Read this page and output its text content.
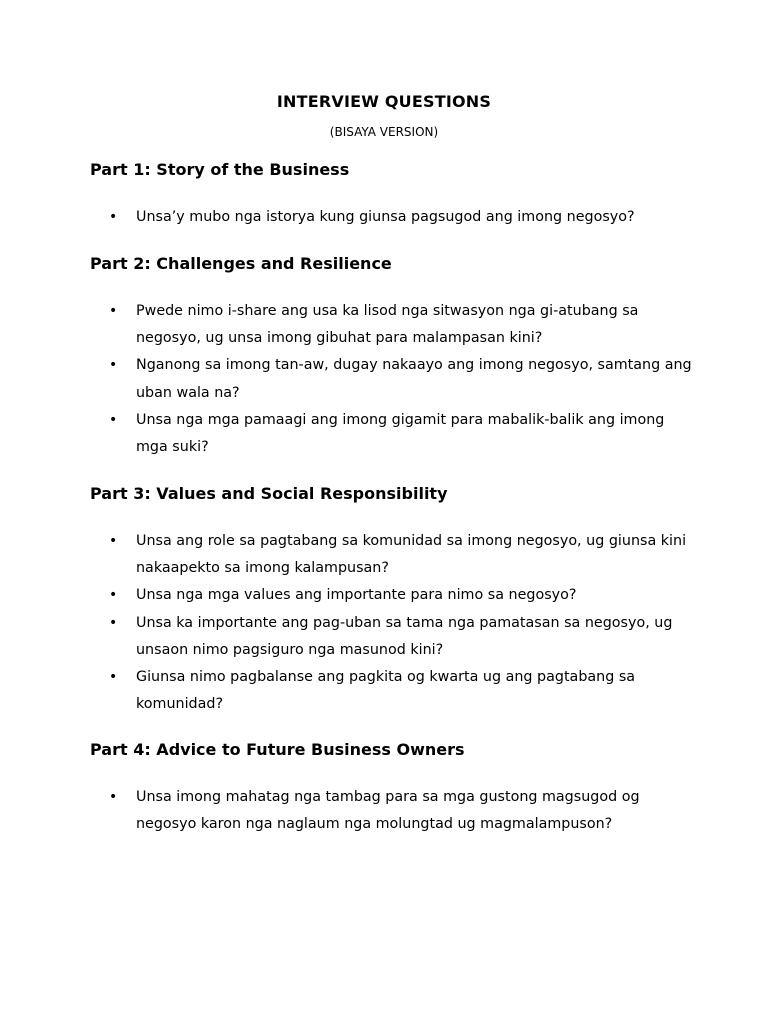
INTERVIEW QUESTIONS

(BISAYA VERSION)

Part 1: Story of the Business
• Unsa’y mubo nga istorya kung giunsa pagsugod ang imong negosyo?
Part 2: Challenges and Resilience
• Pwede nimo i-share ang usa ka lisod nga sitwasyon nga gi-atubang sa negosyo, ug unsa imong gibuhat para malampasan kini?
• Nganong sa imong tan-aw, dugay nakaayo ang imong negosyo, samtang ang uban wala na?
• Unsa nga mga pamaagi ang imong gigamit para mabalik-balik ang imong mga suki?
Part 3: Values and Social Responsibility
• Unsa ang role sa pagtabang sa komunidad sa imong negosyo, ug giunsa kini nakaapekto sa imong kalampusan?
• Unsa nga mga values ang importante para nimo sa negosyo?
• Unsa ka importante ang pag-uban sa tama nga pamatasan sa negosyo, ug unsaon nimo pagsiguro nga masunod kini?
• Giunsa nimo pagbalanse ang pagkita og kwarta ug ang pagtabang sa komunidad?
Part 4: Advice to Future Business Owners
• Unsa imong mahatag nga tambag para sa mga gustong magsugod og negosyo karon nga naglaum nga molungtad ug magmalampuson?
